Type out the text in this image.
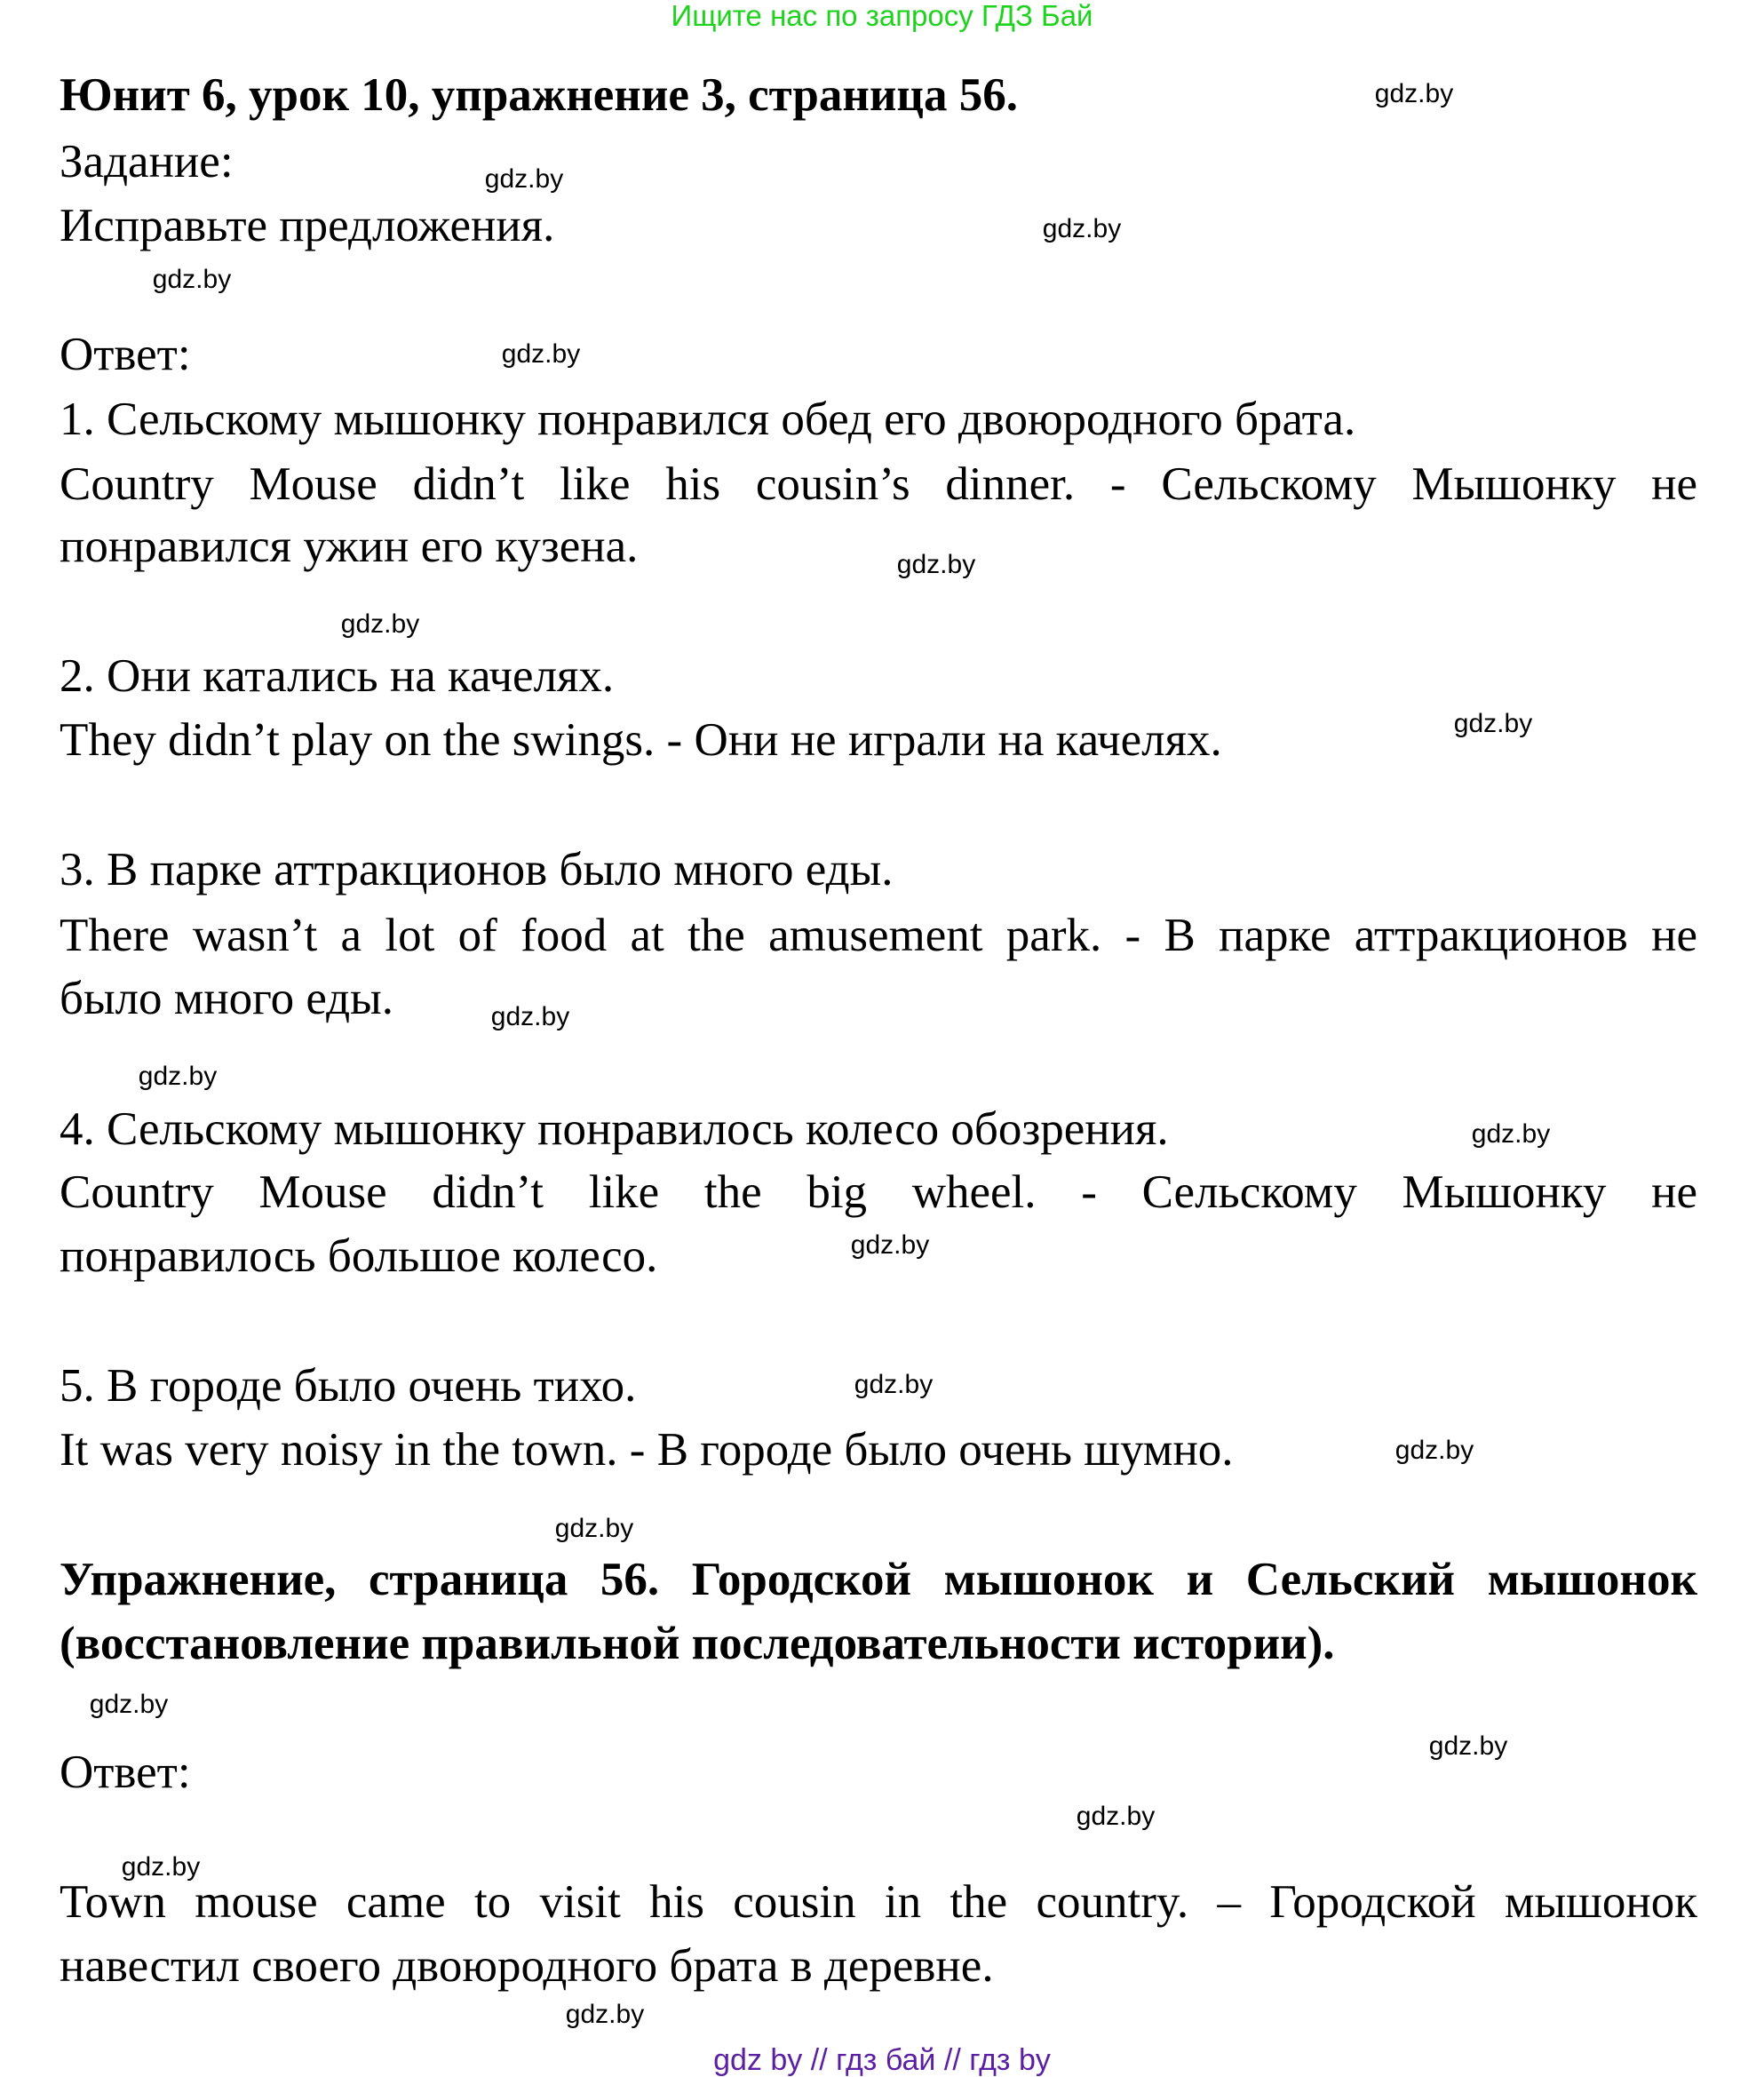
Ищите нас по запросу ГДЗ Бай
Юнит 6, урок 10, упражнение 3, страница 56.
Задание:
Исправьте предложения.
Ответ:
1. Сельскому мышонку понравился обед его двоюродного брата.
Country Mouse didn’t like his cousin’s dinner. - Сельскому Мышонку не
понравился ужин его кузена.
2. Они катались на качелях.
They didn’t play on the swings. - Они не играли на качелях.
3. В парке аттракционов было много еды.
There wasn’t a lot of food at the amusement park. - В парке аттракционов не
было много еды.
4. Сельскому мышонку понравилось колесо обозрения.
Country Mouse didn’t like the big wheel. - Сельскому Мышонку не
понравилось большое колесо.
5. В городе было очень тихо.
It was very noisy in the town. - В городе было очень шумно.
Упражнение, страница 56. Городской мышонок и Сельский мышонок
(восстановление правильной последовательности истории).
Ответ:
Town mouse came to visit his cousin in the country. – Городской мышонок
навестил своего двоюродного брата в деревне.
gdz.by
gdz.by
gdz.by
gdz.by
gdz.by
gdz.by
gdz.by
gdz.by
gdz.by
gdz.by
gdz.by
gdz.by
gdz.by
gdz.by
gdz.by
gdz.by
gdz.by
gdz.by
gdz.by
gdz.by
gdz by // гдз бай // гдз by
